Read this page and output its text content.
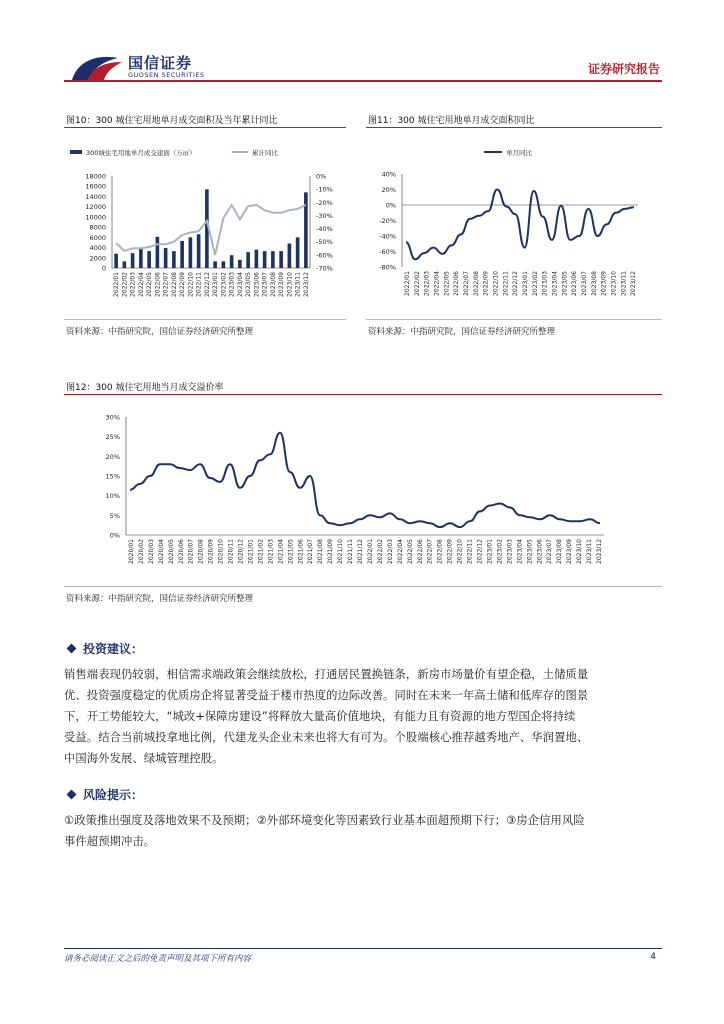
国信证券
GUOSEN SECURITIES	证券研究报告
图10：300 城住宅用地单月成交面积及当年累计同比
300城住宅用地单月成交建面（万㎡）	累计同比
18000
16000
14000
12000
10000
8000
6000
4000
2000
0
0%
-10%
-20%
-30%
-40%
-50%
-60%
-70%
2022/01 2022/02 2022/03 2022/04 2022/05 2022/06 2022/07 2022/08 2022/09 2022/10 2022/11 2022/12 2023/01 2023/02 2023/03 2023/04 2023/05 2023/06 2023/07 2023/08 2023/09 2023/10 2023/11 2023/12
资料来源：中指研究院，国信证券经济研究所整理
图11：300 城住宅用地单月成交面积同比
单月同比
40%
20%
0%
-20%
-40%
-60%
-80%
2022/01 2022/02 2022/03 2022/04 2022/05 2022/06 2022/07 2022/08 2022/09 2022/10 2022/11 2022/12 2023/01 2023/02 2023/03 2023/04 2023/05 2023/06 2023/07 2023/08 2023/09 2023/10 2023/11 2023/12
资料来源：中指研究院，国信证券经济研究所整理
图12：300 城住宅用地当月成交溢价率
30%
25%
20%
15%
10%
5%
0%
2020/01 2020/02 2020/03 2020/04 2020/05 2020/06 2020/07 2020/08 2020/09 2020/10 2020/11 2020/12 2021/01 2021/02 2021/03 2021/04 2021/05 2021/06 2021/07 2021/08 2021/09 2021/10 2021/11 2021/12 2022/01 2022/02 2022/03 2022/04 2022/05 2022/06 2022/07 2022/08 2022/09 2022/10 2022/11 2022/12 2023/01 2023/02 2023/03 2023/04 2023/05 2023/06 2023/07 2023/08 2023/09 2023/10 2023/11 2023/12
资料来源：中指研究院，国信证券经济研究所整理
投资建议：
销售端表现仍较弱，相信需求端政策会继续放松，打通居民置换链条，新房市场量价有望企稳，土储质量
优、投资强度稳定的优质房企将显著受益于楼市热度的边际改善。同时在未来一年高土储和低库存的图景
下，开工势能较大，“城改+保障房建设”将释放大量高价值地块，有能力且有资源的地方型国企将持续
受益。结合当前城投拿地比例，代建龙头企业未来也将大有可为。个股端核心推荐越秀地产、华润置地、
中国海外发展、绿城管理控股。
风险提示：
①政策推出强度及落地效果不及预期；②外部环境变化等因素致行业基本面超预期下行；③房企信用风险
事件超预期冲击。
请务必阅读正文之后的免责声明及其项下所有内容	4
